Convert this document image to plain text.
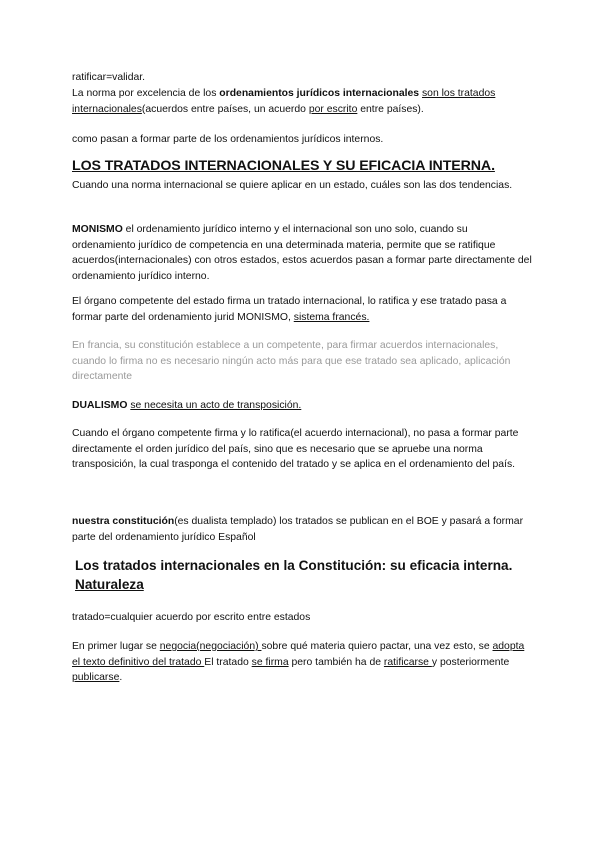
ratificar=validar.

La norma por excelencia de los ordenamientos jurídicos internacionales son los tratados internacionales(acuerdos entre países, un acuerdo por escrito entre países).

como pasan a formar parte de los ordenamientos jurídicos internos.

LOS TRATADOS INTERNACIONALES Y SU EFICACIA INTERNA.

Cuando una norma internacional se quiere aplicar en un estado, cuáles son las dos tendencias.

MONISMO el ordenamiento jurídico interno y el internacional son uno solo, cuando su ordenamiento jurídico de competencia en una determinada materia, permite que se ratifique acuerdos(internacionales) con otros estados, estos acuerdos pasan a formar parte directamente del ordenamiento jurídico interno.

El órgano competente del estado firma un tratado internacional, lo ratifica y ese tratado pasa a formar parte del ordenamiento jurid MONISMO, sistema francés.

En francia, su constitución establece a un competente, para firmar acuerdos internacionales, cuando lo firma no es necesario ningún acto más para que ese tratado sea aplicado, aplicación directamente

DUALISMO se necesita un acto de transposición.

Cuando el órgano competente firma y lo ratifica(el acuerdo internacional), no pasa a formar parte directamente el orden jurídico del país, sino que es necesario que se apruebe una norma transposición, la cual trasponga el contenido del tratado y se aplica en el ordenamiento del país.

nuestra constitución(es dualista templado) los tratados se publican en el BOE y pasará a formar parte del ordenamiento jurídico Español

Los tratados internacionales en la Constitución: su eficacia interna. Naturaleza

tratado=cualquier acuerdo por escrito entre estados

En primer lugar se negocia(negociación) sobre qué materia quiero pactar, una vez esto, se adopta el texto definitivo del tratado El tratado se firma pero también ha de ratificarse y posteriormente publicarse.
